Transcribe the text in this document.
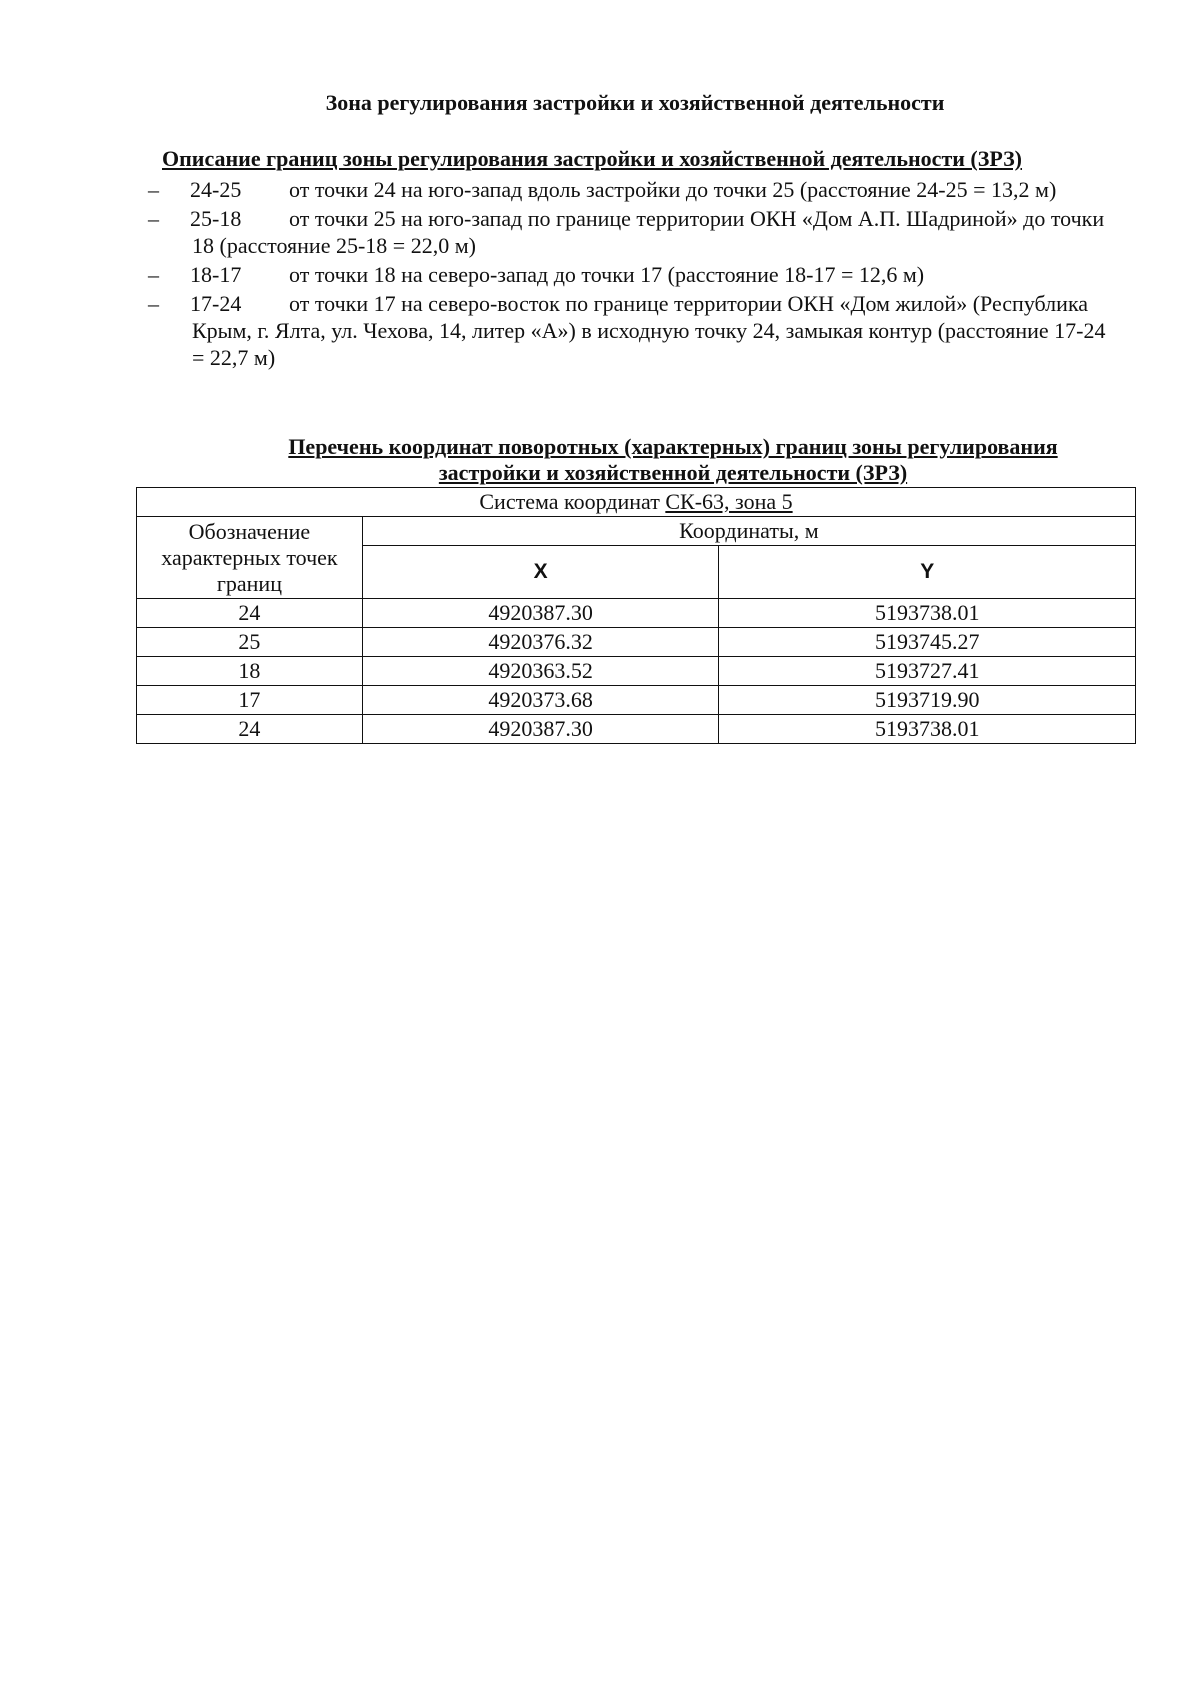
Зона регулирования застройки и хозяйственной деятельности
Описание границ зоны регулирования застройки и хозяйственной деятельности (ЗРЗ)
– 24-25 от точки 24 на юго-запад вдоль застройки до точки 25 (расстояние 24-25 = 13,2 м)
– 25-18 от точки 25 на юго-запад по границе территории ОКН «Дом А.П. Шадриной» до точки 18 (расстояние 25-18 = 22,0 м)
– 18-17 от точки 18 на северо-запад до точки 17 (расстояние 18-17 = 12,6 м)
– 17-24 от точки 17 на северо-восток по границе территории ОКН «Дом жилой» (Республика Крым, г. Ялта, ул. Чехова, 14, литер «А») в исходную точку 24, замыкая контур (расстояние 17-24 = 22,7 м)
Перечень координат поворотных (характерных) границ зоны регулирования застройки и хозяйственной деятельности (ЗРЗ)
Система координат СК-63, зона 5		
Обозначение характерных точек границ	Координаты, м	
	X	Y
24	4920387.30	5193738.01
25	4920376.32	5193745.27
18	4920363.52	5193727.41
17	4920373.68	5193719.90
24	4920387.30	5193738.01
